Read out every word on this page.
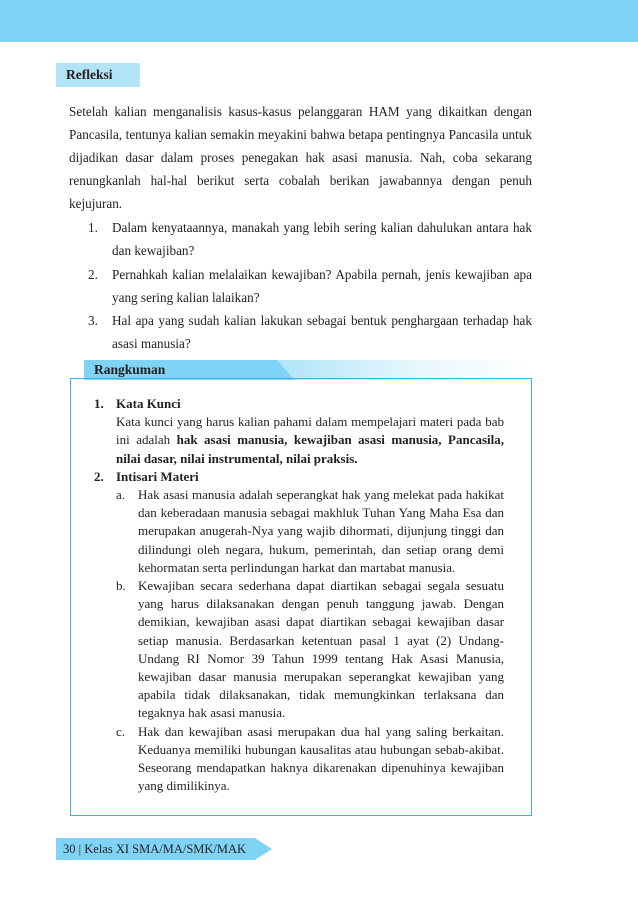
Refleksi

Setelah kalian menganalisis kasus-kasus pelanggaran HAM yang dikaitkan dengan Pancasila, tentunya kalian semakin meyakini bahwa betapa pentingnya Pancasila untuk dijadikan dasar dalam proses penegakan hak asasi manusia. Nah, coba sekarang renungkanlah hal-hal berikut serta cobalah berikan jawabannya dengan penuh kejujuran.

1. Dalam kenyataannya, manakah yang lebih sering kalian dahulukan antara hak dan kewajiban?
2. Pernahkah kalian melalaikan kewajiban? Apabila pernah, jenis kewajiban apa yang sering kalian lalaikan?
3. Hal apa yang sudah kalian lakukan sebagai bentuk penghargaan terhadap hak asasi manusia?
Rangkuman
1. Kata Kunci
Kata kunci yang harus kalian pahami dalam mempelajari materi pada bab ini adalah hak asasi manusia, kewajiban asasi manusia, Pancasila, nilai dasar, nilai instrumental, nilai praksis.
2. Intisari Materi
a. Hak asasi manusia adalah seperangkat hak yang melekat pada hakikat dan keberadaan manusia sebagai makhluk Tuhan Yang Maha Esa dan merupakan anugerah-Nya yang wajib dihormati, dijunjung tinggi dan dilindungi oleh negara, hukum, pemerintah, dan setiap orang demi kehormatan serta perlindungan harkat dan martabat manusia.
b. Kewajiban secara sederhana dapat diartikan sebagai segala sesuatu yang harus dilaksanakan dengan penuh tanggung jawab. Dengan demikian, kewajiban asasi dapat diartikan sebagai kewajiban dasar setiap manusia. Berdasarkan ketentuan pasal 1 ayat (2) Undang-Undang RI Nomor 39 Tahun 1999 tentang Hak Asasi Manusia, kewajiban dasar manusia merupakan seperangkat kewajiban yang apabila tidak dilaksanakan, tidak memungkinkan terlaksana dan tegaknya hak asasi manusia.
c. Hak dan kewajiban asasi merupakan dua hal yang saling berkaitan. Keduanya memiliki hubungan kausalitas atau hubungan sebab-akibat. Seseorang mendapatkan haknya dikarenakan dipenuhinya kewajiban yang dimilikinya.
30 | Kelas XI SMA/MA/SMK/MAK
